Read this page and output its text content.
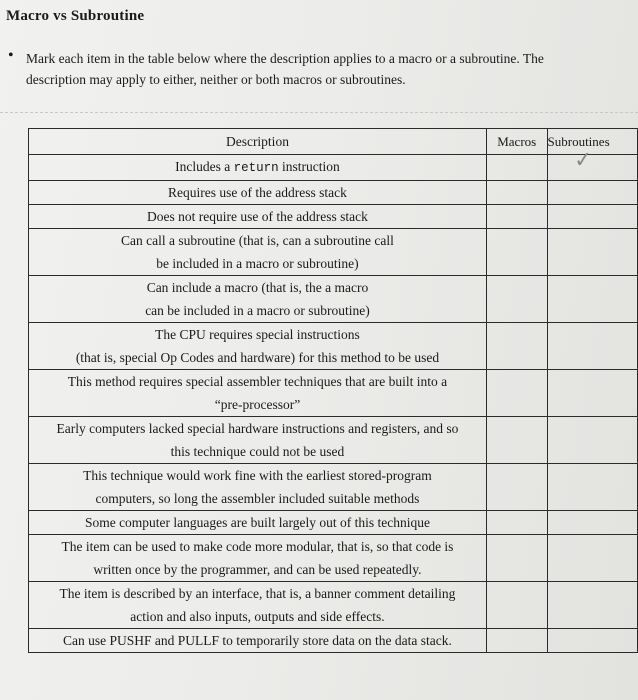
Macro vs Subroutine
• Mark each item in the table below where the description applies to a macro or a subroutine. The
description may apply to either, neither or both macros or subroutines.
Description	Macros	Subroutines

Includes a return instruction		✓

Requires use of the address stack		

Does not require use of the address stack		

Can call a subroutine (that is, can a subroutine call
be included in a macro or subroutine)		

Can include a macro (that is, the a macro
can be included in a macro or subroutine)		

The CPU requires special instructions
(that is, special Op Codes and hardware) for this method to be used		

This method requires special assembler techniques that are built into a
“pre-processor”		

Early computers lacked special hardware instructions and registers, and so
this technique could not be used		

This technique would work fine with the earliest stored-program
computers, so long the assembler included suitable methods		

Some computer languages are built largely out of this technique		

The item can be used to make code more modular, that is, so that code is
written once by the programmer, and can be used repeatedly.		

The item is described by an interface, that is, a banner comment detailing
action and also inputs, outputs and side effects.		

Can use PUSHF and PULLF to temporarily store data on the data stack.		
